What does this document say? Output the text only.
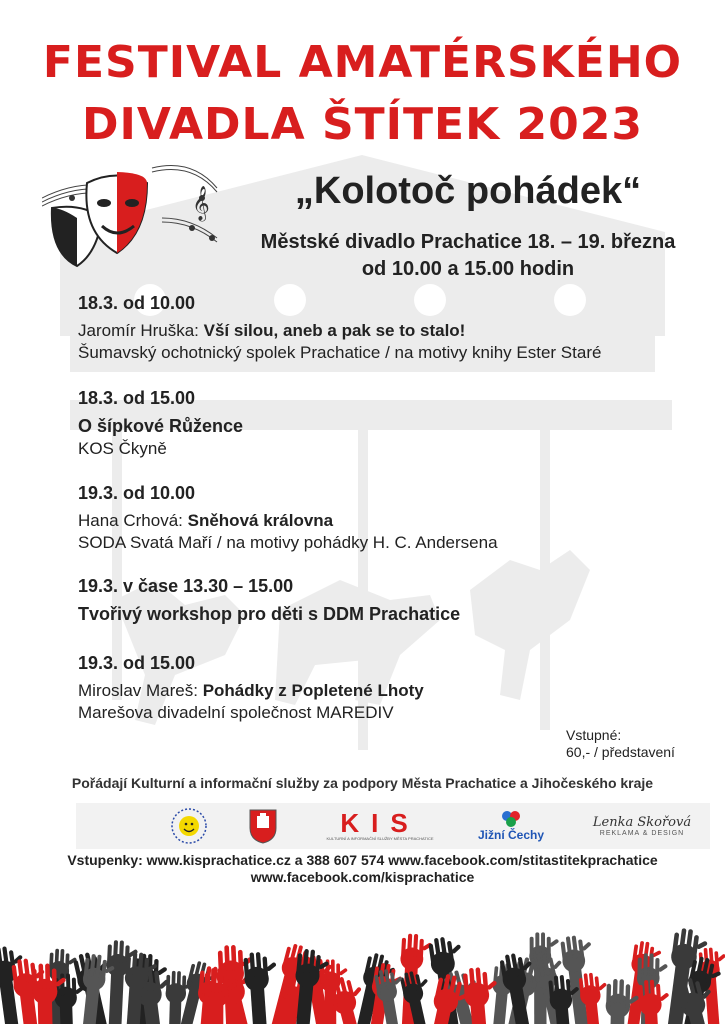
FESTIVAL AMATÉRSKÉHO
DIVADLA ŠTÍTEK 2023
𝄞	„Kolotoč pohádek“
Městské divadlo Prachatice 18. – 19. března
od 10.00 a 15.00 hodin
18.3. od 10.00
Jaromír Hruška: Vší silou, aneb a pak se to stalo!
Šumavský ochotnický spolek Prachatice / na motivy knihy Ester Staré
18.3. od 15.00
O šípkové Růžence
KOS Čkyně
19.3. od 10.00
Hana Crhová: Sněhová královna
SODA Svatá Maří / na motivy pohádky H. C. Andersena
19.3. v čase 13.30 – 15.00
Tvořivý workshop pro děti s DDM Prachatice
19.3. od 15.00
Miroslav Mareš: Pohádky z Popletené Lhoty
Marešova divadelní společnost MAREDIV
Vstupné:
60,- / představení
Pořádají Kulturní a informační služby za podpory Města Prachatice a Jihočeského kraje
KIS
KULTURNÍ A INFORMAČNÍ SLUŽBY MĚSTA PRACHATICE	Jižní Čechy
Lenka Skořová
REKLAMA & DESIGN
Vstupenky: www.kisprachatice.cz a 388 607 574 www.facebook.com/stitastitekprachatice
www.facebook.com/kisprachatice
